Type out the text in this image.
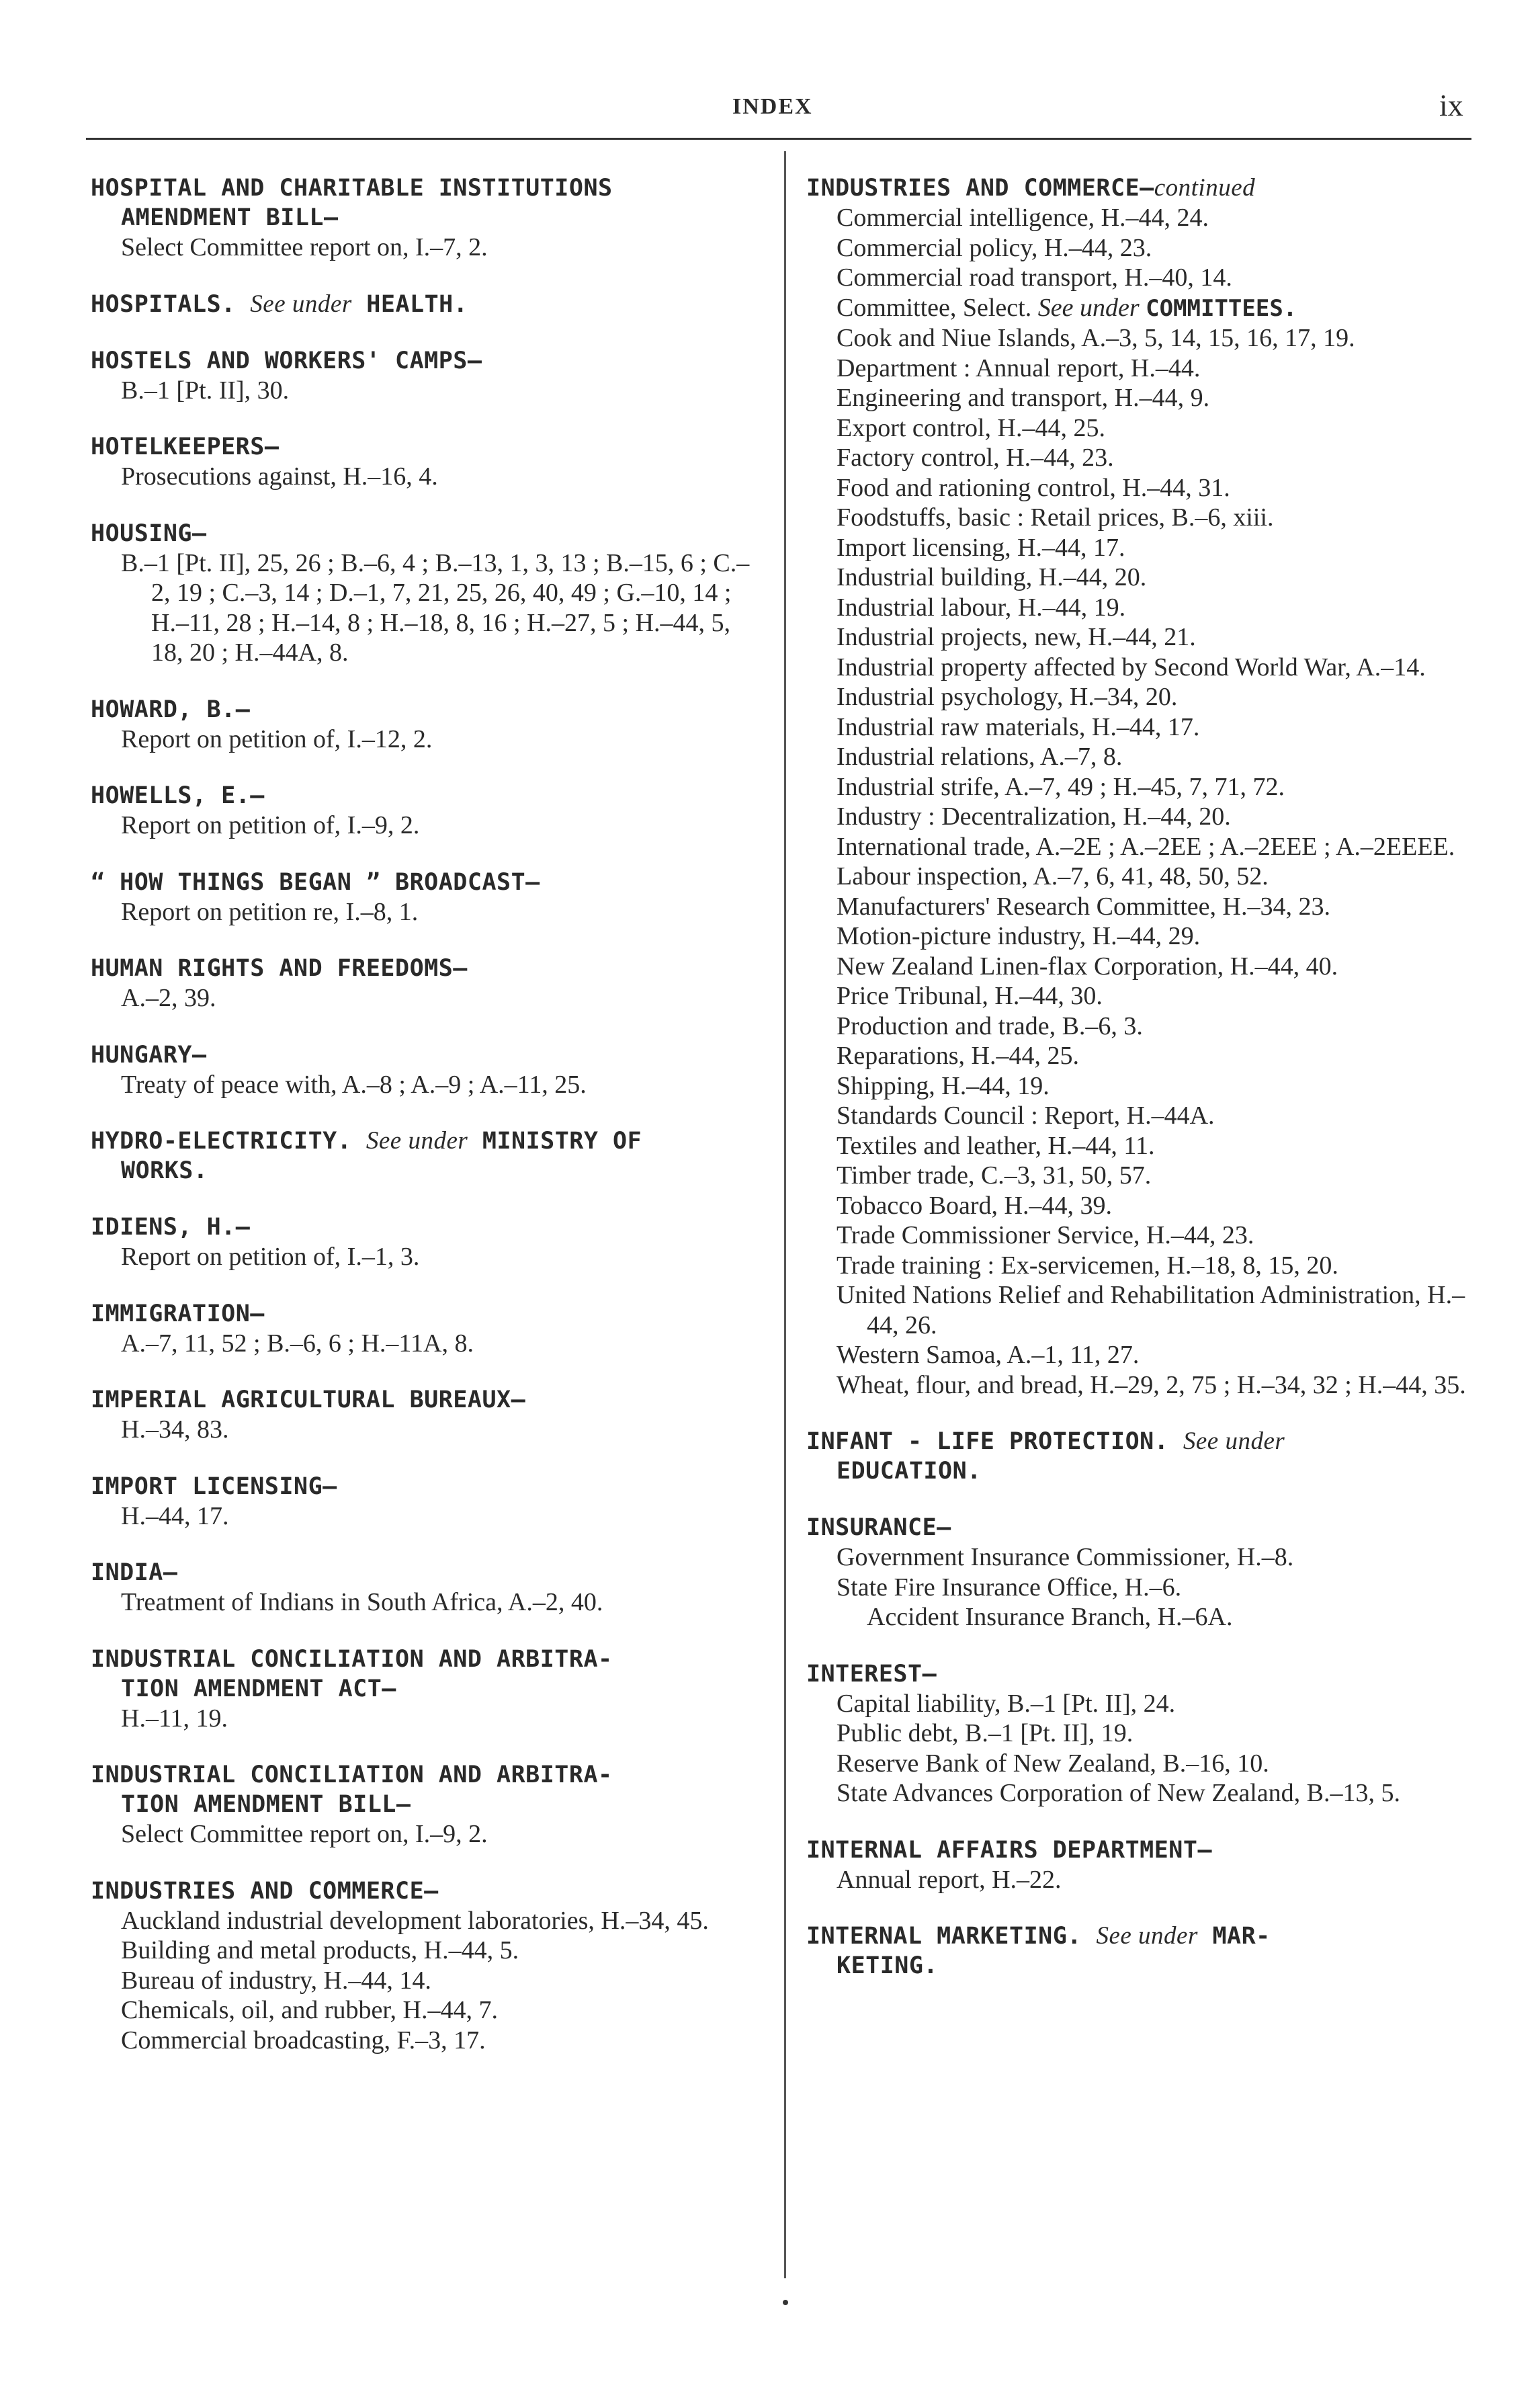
INDEX	ix
HOSPITAL AND CHARITABLE INSTITUTIONS
AMENDMENT BILL—
Select Committee report on, I.–7, 2.
HOSPITALS. See under HEALTH.
HOSTELS AND WORKERS' CAMPS—
B.–1 [Pt. II], 30.
HOTELKEEPERS—
Prosecutions against, H.–16, 4.
HOUSING—
B.–1 [Pt. II], 25, 26 ; B.–6, 4 ; B.–13, 1, 3, 13 ; B.–15, 6 ; C.–2, 19 ; C.–3, 14 ; D.–1, 7, 21, 25, 26, 40, 49 ; G.–10, 14 ; H.–11, 28 ; H.–14, 8 ; H.–18, 8, 16 ; H.–27, 5 ; H.–44, 5, 18, 20 ; H.–44A, 8.
HOWARD, B.—
Report on petition of, I.–12, 2.
HOWELLS, E.—
Report on petition of, I.–9, 2.
“ HOW THINGS BEGAN ” BROADCAST—
Report on petition re, I.–8, 1.
HUMAN RIGHTS AND FREEDOMS—
A.–2, 39.
HUNGARY—
Treaty of peace with, A.–8 ; A.–9 ; A.–11, 25.
HYDRO-ELECTRICITY. See under MINISTRY OF
WORKS.
IDIENS, H.—
Report on petition of, I.–1, 3.
IMMIGRATION—
A.–7, 11, 52 ; B.–6, 6 ; H.–11A, 8.
IMPERIAL AGRICULTURAL BUREAUX—
H.–34, 83.
IMPORT LICENSING—
H.–44, 17.
INDIA—
Treatment of Indians in South Africa, A.–2, 40.
INDUSTRIAL CONCILIATION AND ARBITRA-
TION AMENDMENT ACT—
H.–11, 19.
INDUSTRIAL CONCILIATION AND ARBITRA-
TION AMENDMENT BILL—
Select Committee report on, I.–9, 2.
INDUSTRIES AND COMMERCE—
Auckland industrial development laboratories, H.–34, 45.
Building and metal products, H.–44, 5.
Bureau of industry, H.–44, 14.
Chemicals, oil, and rubber, H.–44, 7.
Commercial broadcasting, F.–3, 17.
INDUSTRIES AND COMMERCE—continued
Commercial intelligence, H.–44, 24.
Commercial policy, H.–44, 23.
Commercial road transport, H.–40, 14.
Committee, Select. See under COMMITTEES.
Cook and Niue Islands, A.–3, 5, 14, 15, 16, 17, 19.
Department : Annual report, H.–44.
Engineering and transport, H.–44, 9.
Export control, H.–44, 25.
Factory control, H.–44, 23.
Food and rationing control, H.–44, 31.
Foodstuffs, basic : Retail prices, B.–6, xiii.
Import licensing, H.–44, 17.
Industrial building, H.–44, 20.
Industrial labour, H.–44, 19.
Industrial projects, new, H.–44, 21.
Industrial property affected by Second World War, A.–14.
Industrial psychology, H.–34, 20.
Industrial raw materials, H.–44, 17.
Industrial relations, A.–7, 8.
Industrial strife, A.–7, 49 ; H.–45, 7, 71, 72.
Industry : Decentralization, H.–44, 20.
International trade, A.–2E ; A.–2EE ; A.–2EEE ; A.–2EEEE.
Labour inspection, A.–7, 6, 41, 48, 50, 52.
Manufacturers' Research Committee, H.–34, 23.
Motion-picture industry, H.–44, 29.
New Zealand Linen-flax Corporation, H.–44, 40.
Price Tribunal, H.–44, 30.
Production and trade, B.–6, 3.
Reparations, H.–44, 25.
Shipping, H.–44, 19.
Standards Council : Report, H.–44A.
Textiles and leather, H.–44, 11.
Timber trade, C.–3, 31, 50, 57.
Tobacco Board, H.–44, 39.
Trade Commissioner Service, H.–44, 23.
Trade training : Ex-servicemen, H.–18, 8, 15, 20.
United Nations Relief and Rehabilitation Administration, H.–44, 26.
Western Samoa, A.–1, 11, 27.
Wheat, flour, and bread, H.–29, 2, 75 ; H.–34, 32 ; H.–44, 35.
INFANT - LIFE PROTECTION. See under
EDUCATION.
INSURANCE—
Government Insurance Commissioner, H.–8.
State Fire Insurance Office, H.–6.
Accident Insurance Branch, H.–6A.
INTEREST—
Capital liability, B.–1 [Pt. II], 24.
Public debt, B.–1 [Pt. II], 19.
Reserve Bank of New Zealand, B.–16, 10.
State Advances Corporation of New Zealand, B.–13, 5.
INTERNAL AFFAIRS DEPARTMENT—
Annual report, H.–22.
INTERNAL MARKETING. See under MAR-
KETING.
